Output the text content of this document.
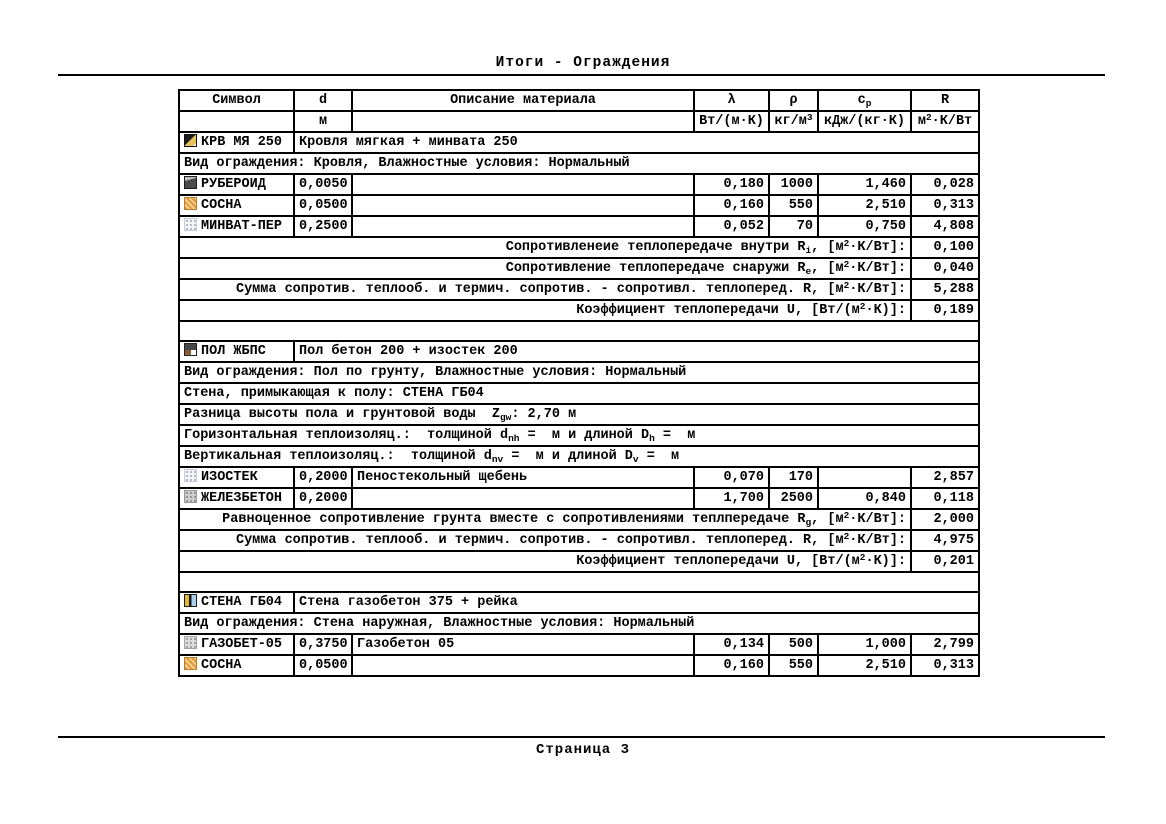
Итоги - Ограждения
Символ	d	Описание материала	λ	ρ	$c_p$	R
	м		Вт/(м·К)	$кг/м^3$	кДж/(кг·К)	$м^2\cdot К/Вт$
КРВ МЯ 250	Кровля мягкая + минвата 250					
Вид ограждения: Кровля, Влажностные условия: Нормальный						
РУБЕРОИД	0,0050		0,180	1000	1,460	0,028
СОСНА	0,0500		0,160	550	2,510	0,313
МИНВАТ-ПЕР	0,2500		0,052	70	0,750	4,808
Сопротивленеие теплопередаче внутри $R_i$, $[м^2\cdot К/Вт]$:						0,100
Сопротивление теплопередаче снаружи $R_e$, $[м^2\cdot К/Вт]$:						0,040
Сумма сопротив. теплооб. и термич. сопротив. - сопротивл. теплоперед. R, $[м^2\cdot К/Вт]$:						5,288
Коэффициент теплопередачи U, $[Вт/(м^2\cdot К)]$:						0,189

ПОЛ ЖБПС	Пол бетон 200 + изостек 200					
Вид ограждения: Пол по грунту, Влажностные условия: Нормальный						
Стена, примыкающая к полу: СТЕНА ГБ04						
Разница высоты пола и грунтовой воды  $Z_{gw}$: 2,70 м						
Горизонтальная теплоизоляц.:  толщиной $d_{nh} = м$ и длиной $D_h = м$						
Вертикальная теплоизоляц.:  толщиной $d_{nv} = м$ и длиной $D_v = м$						
ИЗОСТЕК	0,2000	Пеностекольный щебень	0,070	170		2,857
ЖЕЛЕЗБЕТОН	0,2000		1,700	2500	0,840	0,118
Равноценное сопротивление грунта вместе с сопротивлениями теплпередаче $R_g$, $[м^2\cdot К/Вт]$:						2,000
Сумма сопротив. теплооб. и термич. сопротив. - сопротивл. теплоперед. R, $[м^2\cdot К/Вт]$:						4,975
Коэффициент теплопередачи U, $[Вт/(м^2\cdot К)]$:						0,201

СТЕНА ГБ04	Стена газобетон 375 + рейка					
Вид ограждения: Стена наружная, Влажностные условия: Нормальный						
ГАЗОБЕТ-05	0,3750	Газобетон 05	0,134	500	1,000	2,799
СОСНА	0,0500		0,160	550	2,510	0,313
Страница 3
